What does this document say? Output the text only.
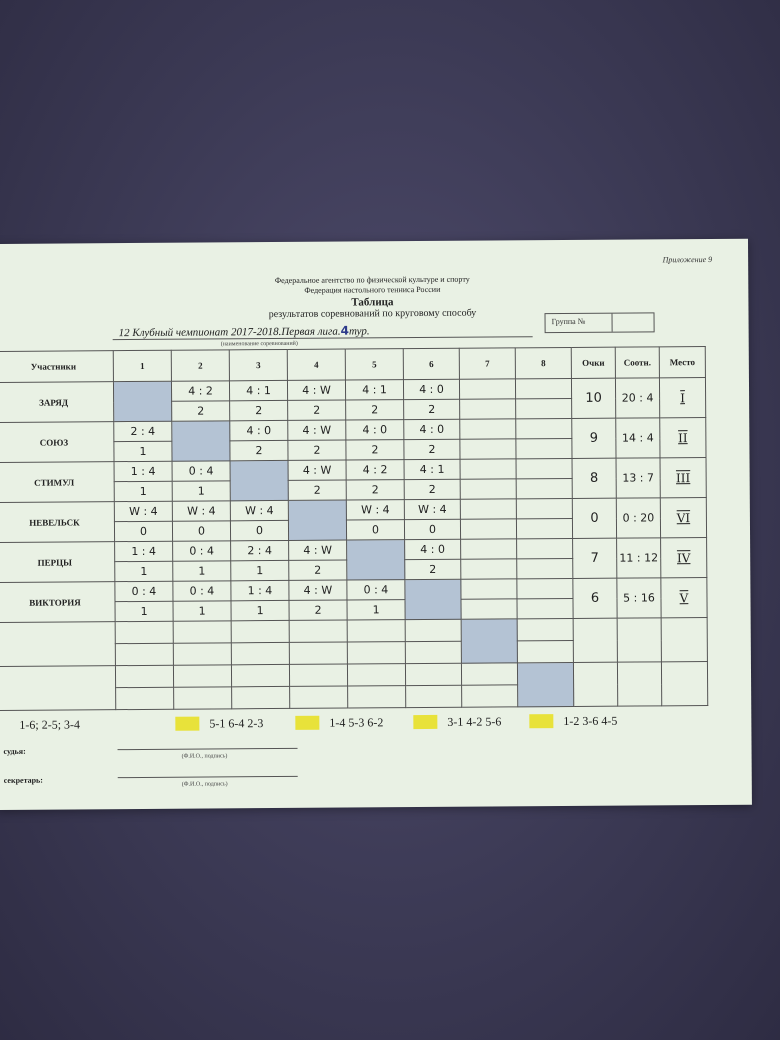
Приложение 9
Федеральное агентство по физической культуре и спорту
Федерация настольного тенниса России
Таблица
результатов соревнований по круговому способу
12 Клубный чемпионат 2017-2018.Первая лига.4тур.
(наименование соревнований)
Группа №
Участники	1	2	3	4	5	6	7	8	Очки	Соотн.	Место
ЗАРЯД		4 : 2	4 : 1	4 : W	4 : 1	4 : 0			10	20 : 4	I
		2	2	2	2	2					
СОЮЗ	2 : 4		4 : 0	4 : W	4 : 0	4 : 0			9	14 : 4	II
	1		2	2	2	2					
СТИМУЛ	1 : 4	0 : 4		4 : W	4 : 2	4 : 1			8	13 : 7	III
	1	1		2	2	2					
НЕВЕЛЬСК	W : 4	W : 4	W : 4		W : 4	W : 4			0	0 : 20	VI
	0	0	0		0	0					
ПЕРЦЫ	1 : 4	0 : 4	2 : 4	4 : W		4 : 0			7	11 : 12	IV
	1	1	1	2		2					
ВИКТОРИЯ	0 : 4	0 : 4	1 : 4	4 : W	0 : 4				6	5 : 16	V
	1	1	1	2	1						

1-6; 2-5; 3-4	5-1 6-4 2-3	1-4 5-3 6-2	3-1 4-2 5-6	1-2 3-6 4-5
судья:
(Ф.И.О., подпись)
секретарь:	(Ф.И.О., подпись)
